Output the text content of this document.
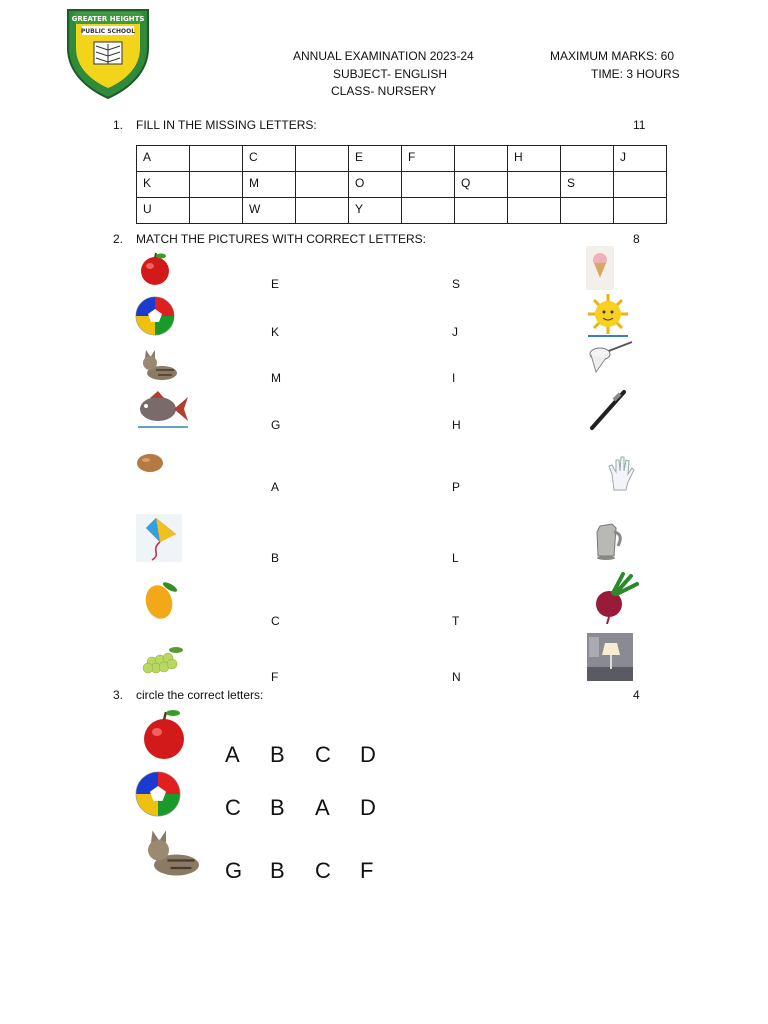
GREATER HEIGHTS
PUBLIC SCHOOL
ANNUAL EXAMINATION 2023-24
SUBJECT- ENGLISH
CLASS- NURSERY
MAXIMUM MARKS: 60
TIME: 3 HOURS
1. FILL IN THE MISSING LETTERS:	11
A		C		E	F		H		J
K		M		O		Q		S	
U		W		Y					
2. MATCH THE PICTURES WITH CORRECT LETTERS:	8
E
K
M
G
A
B
C
F
S
J
I
H
P
L
T
N
3. circle the correct letters:	4
A B C D
C B A D
G B C F
